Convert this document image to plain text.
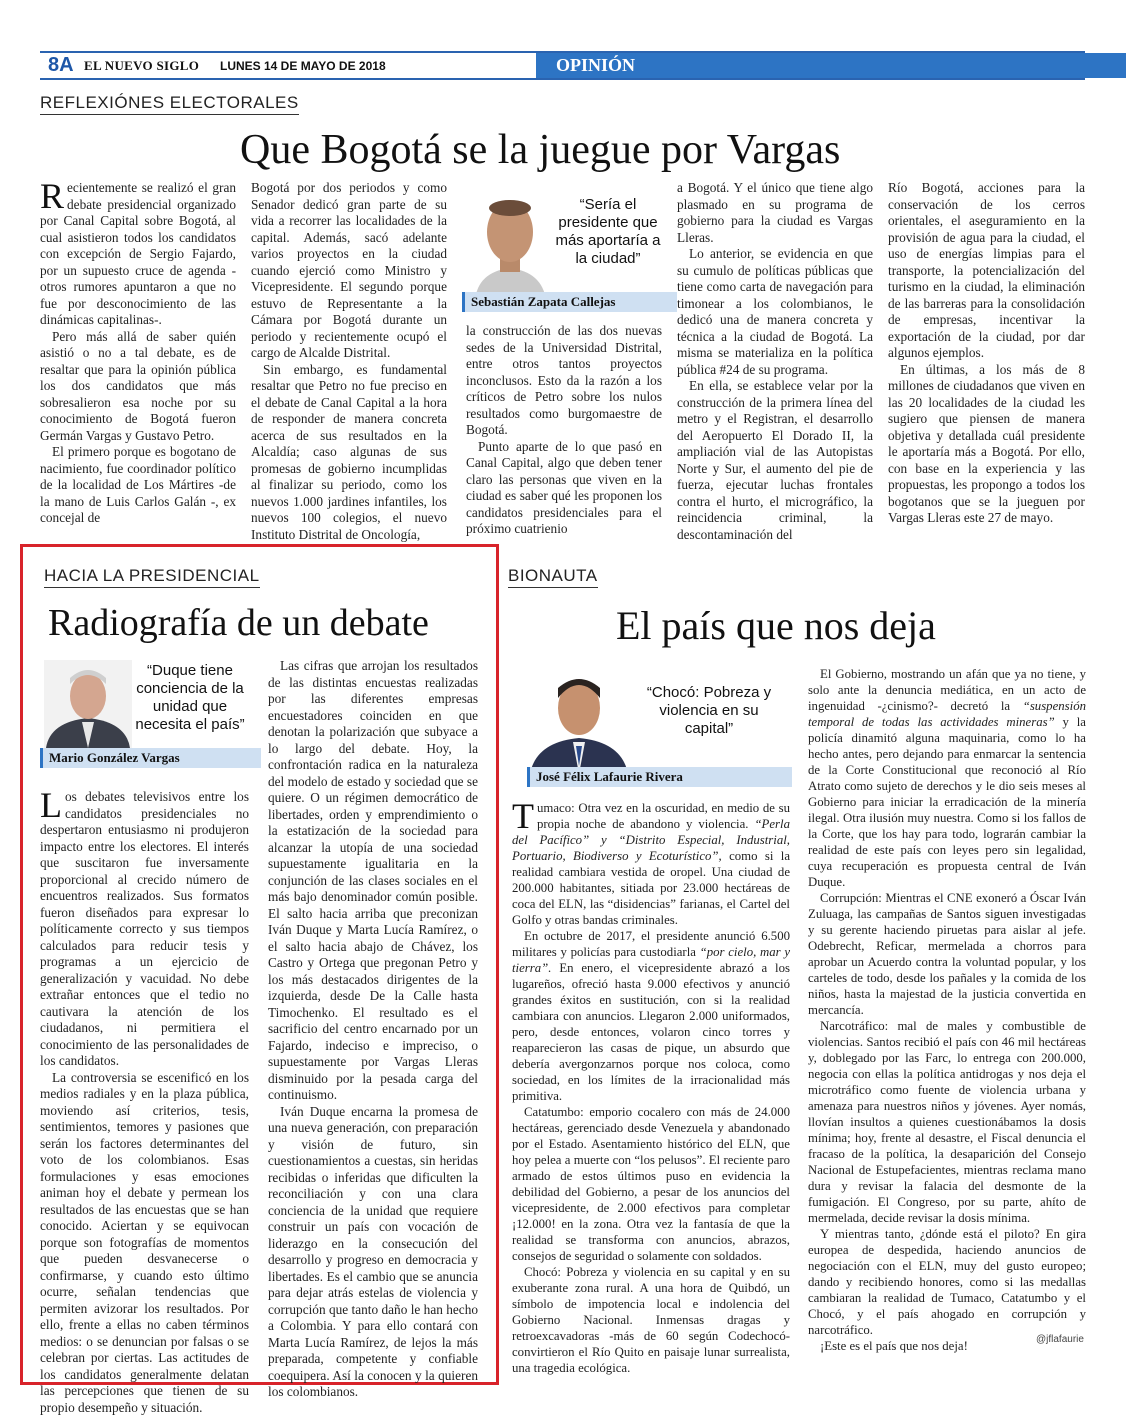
8A EL NUEVO SIGLO LUNES 14 DE MAYO DE 2018	OPINIÓN
REFLEXIÓNES ELECTORALES
Que Bogotá se la juegue por Vargas

Recientemente se realizó el gran debate presidencial organizado por Canal Capital sobre Bogotá, al cual asistieron todos los candidatos con excepción de Sergio Fajardo, por un supuesto cruce de agenda -otros rumores apuntaron a que no fue por desconocimiento de las dinámicas capitalinas-.

Pero más allá de saber quién asistió o no a tal debate, es de resaltar que para la opinión pública los dos candidatos que más sobresalieron esa noche por su conocimiento de Bogotá fueron Germán Vargas y Gustavo Petro.

El primero porque es bogotano de nacimiento, fue coordinador político de la localidad de Los Mártires -de la mano de Luis Carlos Galán -, ex concejal de

Bogotá por dos periodos y como Senador dedicó gran parte de su vida a recorrer las localidades de la capital. Además, sacó adelante varios proyectos en la ciudad cuando ejerció como Ministro y Vicepresidente. El segundo porque estuvo de Representante a la Cámara por Bogotá durante un periodo y recientemente ocupó el cargo de Alcalde Distrital.

Sin embargo, es fundamental resaltar que Petro no fue preciso en el debate de Canal Capital a la hora de responder de manera concreta acerca de sus resultados en la Alcaldía; caso algunas de sus promesas de gobierno incumplidas al finalizar su periodo, como los nuevos 1.000 jardines infantiles, los nuevos 100 colegios, el nuevo Instituto Distrital de Oncología,

“Sería el presidente que más aportaría a la ciudad”
Sebastián Zapata Callejas

la construcción de las dos nuevas sedes de la Universidad Distrital, entre otros tantos proyectos inconclusos. Esto da la razón a los críticos de Petro sobre los nulos resultados como burgomaestre de Bogotá.

Punto aparte de lo que pasó en Canal Capital, algo que deben tener claro las personas que viven en la ciudad es saber qué les proponen los candidatos presidenciales para el próximo cuatrienio

a Bogotá. Y el único que tiene algo plasmado en su programa de gobierno para la ciudad es Vargas Lleras.

Lo anterior, se evidencia en que su cumulo de políticas públicas que tiene como carta de navegación para timonear a los colombianos, le dedicó una de manera concreta y técnica a la ciudad de Bogotá. La misma se materializa en la política pública #24 de su programa.

En ella, se establece velar por la construcción de la primera línea del metro y el Registran, el desarrollo del Aeropuerto El Dorado II, la ampliación vial de las Autopistas Norte y Sur, el aumento del pie de fuerza, ejecutar luchas frontales contra el hurto, el micrográfico, la reincidencia criminal, la descontaminación del

Río Bogotá, acciones para la conservación de los cerros orientales, el aseguramiento en la provisión de agua para la ciudad, el uso de energías limpias para el transporte, la potencialización del turismo en la ciudad, la eliminación de las barreras para la consolidación de empresas, incentivar la exportación de la ciudad, por dar algunos ejemplos.

En últimas, a los más de 8 millones de ciudadanos que viven en las 20 localidades de la ciudad les sugiero que piensen de manera objetiva y detallada cuál presidente le aportaría más a Bogotá. Por ello, con base en la experiencia y las propuestas, les propongo a todos los bogotanos que se la jueguen por Vargas Lleras este 27 de mayo.

HACIA LA PRESIDENCIAL
Radiografía de un debate
“Duque tiene conciencia de la unidad que necesita el país”
Mario González Vargas

Los debates televisivos entre los candidatos presidenciales no despertaron entusiasmo ni produjeron impacto entre los electores. El interés que suscitaron fue inversamente proporcional al crecido número de encuentros realizados. Sus formatos fueron diseñados para expresar lo políticamente correcto y sus tiempos calculados para reducir tesis y programas a un ejercicio de generalización y vacuidad. No debe extrañar entonces que el tedio no cautivara la atención de los ciudadanos, ni permitiera el conocimiento de las personalidades de los candidatos.

La controversia se escenificó en los medios radiales y en la plaza pública, moviendo así criterios, tesis, sentimientos, temores y pasiones que serán los factores determinantes del voto de los colombianos. Esas formulaciones y esas emociones animan hoy el debate y permean los resultados de las encuestas que se han conocido. Aciertan y se equivocan porque son fotografías de momentos que pueden desvanecerse o confirmarse, y cuando esto último ocurre, señalan tendencias que permiten avizorar los resultados. Por ello, frente a ellas no caben términos medios: o se denuncian por falsas o se celebran por ciertas. Las actitudes de los candidatos generalmente delatan las percepciones que tienen de su propio desempeño y situación.

Las cifras que arrojan los resultados de las distintas encuestas realizadas por las diferentes empresas encuestadores coinciden en que denotan la polarización que subyace a lo largo del debate. Hoy, la confrontación radica en la naturaleza del modelo de estado y sociedad que se quiere. O un régimen democrático de libertades, orden y emprendimiento o la estatización de la sociedad para alcanzar la utopía de una sociedad supuestamente igualitaria en la conjunción de las clases sociales en el más bajo denominador común posible. El salto hacia arriba que preconizan Iván Duque y Marta Lucía Ramírez, o el salto hacia abajo de Chávez, los Castro y Ortega que pregonan Petro y los más destacados dirigentes de la izquierda, desde De la Calle hasta Timochenko. El resultado es el sacrificio del centro encarnado por un Fajardo, indeciso e impreciso, o supuestamente por Vargas Lleras disminuido por la pesada carga del continuismo.

Iván Duque encarna la promesa de una nueva generación, con preparación y visión de futuro, sin cuestionamientos a cuestas, sin heridas recibidas o inferidas que dificulten la reconciliación y con una clara conciencia de la unidad que requiere construir un país con vocación de liderazgo en la consecución del desarrollo y progreso en democracia y libertades. Es el cambio que se anuncia para dejar atrás estelas de violencia y corrupción que tanto daño le han hecho a Colombia. Y para ello contará con Marta Lucía Ramírez, de lejos la más preparada, competente y confiable coequipera. Así la conocen y la quieren los colombianos.

BIONAUTA
El país que nos deja
“Chocó: Pobreza y violencia en su capital”
José Félix Lafaurie Rivera

Tumaco: Otra vez en la oscuridad, en medio de su propia noche de abandono y violencia. “Perla del Pacífico” y “Distrito Especial, Industrial, Portuario, Biodiverso y Ecoturístico”, como si la realidad cambiara vestida de oropel. Una ciudad de 200.000 habitantes, sitiada por 23.000 hectáreas de coca del ELN, las “disidencias” farianas, el Cartel del Golfo y otras bandas criminales.

En octubre de 2017, el presidente anunció 6.500 militares y policías para custodiarla “por cielo, mar y tierra”. En enero, el vicepresidente abrazó a los lugareños, ofreció hasta 9.000 efectivos y anunció grandes éxitos en sustitución, con si la realidad cambiara con anuncios. Llegaron 2.000 uniformados, pero, desde entonces, volaron cinco torres y reaparecieron las casas de pique, un absurdo que debería avergonzarnos porque nos coloca, como sociedad, en los límites de la irracionalidad más primitiva.

Catatumbo: emporio cocalero con más de 24.000 hectáreas, gerenciado desde Venezuela y abandonado por el Estado. Asentamiento histórico del ELN, que hoy pelea a muerte con “los pelusos”. El reciente paro armado de estos últimos puso en evidencia la debilidad del Gobierno, a pesar de los anuncios del vicepresidente, de 2.000 efectivos para completar ¡12.000! en la zona. Otra vez la fantasía de que la realidad se transforma con anuncios, abrazos, consejos de seguridad o solamente con soldados.

Chocó: Pobreza y violencia en su capital y en su exuberante zona rural. A una hora de Quibdó, un símbolo de impotencia local e indolencia del Gobierno Nacional. Inmensas dragas y retroexcavadoras -más de 60 según Codechocó- convirtieron el Río Quito en paisaje lunar surrealista, una tragedia ecológica.

El Gobierno, mostrando un afán que ya no tiene, y solo ante la denuncia mediática, en un acto de ingenuidad -¿cinismo?- decretó la “suspensión temporal de todas las actividades mineras” y la policía dinamitó alguna maquinaria, como lo ha hecho antes, pero dejando para enmarcar la sentencia de la Corte Constitucional que reconoció al Río Atrato como sujeto de derechos y le dio seis meses al Gobierno para iniciar la erradicación de la minería ilegal. Otra ilusión muy nuestra. Como si los fallos de la Corte, que los hay para todo, lograrán cambiar la realidad de este país con leyes pero sin legalidad, cuya recuperación es propuesta central de Iván Duque.

Corrupción: Mientras el CNE exoneró a Óscar Iván Zuluaga, las campañas de Santos siguen investigadas y su gerente haciendo piruetas para aislar al jefe. Odebrecht, Reficar, mermelada a chorros para aprobar un Acuerdo contra la voluntad popular, y los carteles de todo, desde los pañales y la comida de los niños, hasta la majestad de la justicia convertida en mercancía.

Narcotráfico: mal de males y combustible de violencias. Santos recibió el país con 46 mil hectáreas y, doblegado por las Farc, lo entrega con 200.000, negocia con ellas la política antidrogas y nos deja el microtráfico como fuente de violencia urbana y amenaza para nuestros niños y jóvenes. Ayer nomás, llovían insultos a quienes cuestionábamos la dosis mínima; hoy, frente al desastre, el Fiscal denuncia el fracaso de la política, la desaparición del Consejo Nacional de Estupefacientes, mientras reclama mano dura y revisar la falacia del desmonte de la fumigación. El Congreso, por su parte, ahíto de mermelada, decide revisar la dosis mínima.

Y mientras tanto, ¿dónde está el piloto? En gira europea de despedida, haciendo anuncios de negociación con el ELN, muy del gusto europeo; dando y recibiendo honores, como si las medallas cambiaran la realidad de Tumaco, Catatumbo y el Chocó, y el país ahogado en corrupción y narcotráfico.

¡Este es el país que nos deja!	@jflafaurie
